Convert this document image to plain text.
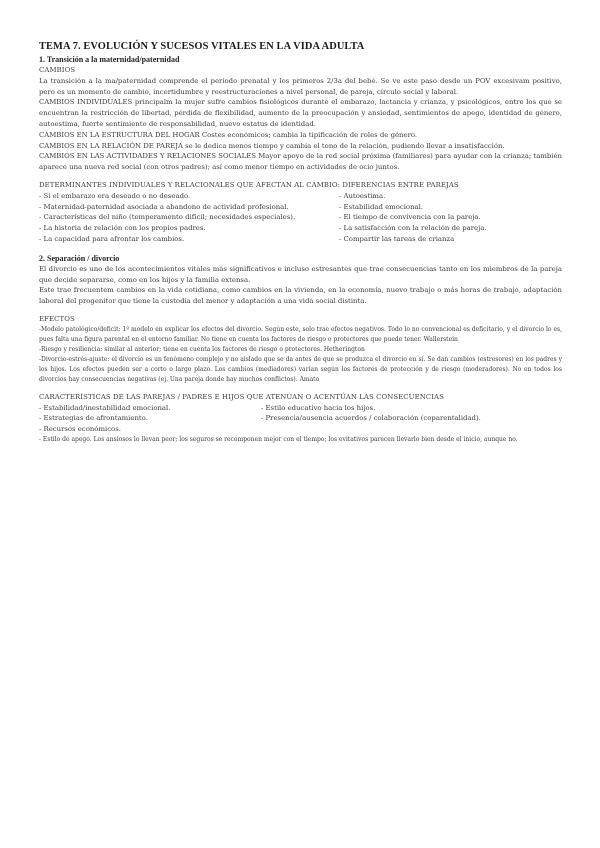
TEMA 7. EVOLUCIÓN Y SUCESOS VITALES EN LA VIDA ADULTA
1. Transición a la maternidad/paternidad

CAMBIOS

La transición a la ma/paternidad comprende el periodo prenatal y los primeros 2/3a del bebé. Se ve este paso desde un POV excesivam positivo, pero es un momento de cambio, incertidumbre y reestructuraciones a nivel personal, de pareja, círculo social y laboral.

CAMBIOS INDIVIDUALES principalm la mujer sufre cambios fisiológicos durante el embarazo, lactancia y crianza, y psicológicos, entre los que se encuentran la restricción de libertad, pérdida de flexibilidad, aumento de la preocupación y ansiedad, sentimientos de apego, identidad de género, autoestima, fuerte sentimiento de responsabilidad, nuevo estatus de identidad.

CAMBIOS EN LA ESTRUCTURA DEL HOGAR Costes económicos; cambia la tipificación de roles de género.

CAMBIOS EN LA RELACIÓN DE PAREJA se le dedica menos tiempo y cambia el tono de la relación, pudiendo llevar a insatisfacción.

CAMBIOS EN LAS ACTIVIDADES Y RELACIONES SOCIALES Mayor apoyo de la red social próxima (familiares) para ayudar con la crianza; también aparece una nueva red social (con otros padres); así como menor tiempo en actividades de ocio juntos.

DETERMINANTES INDIVIDUALES Y RELACIONALES QUE AFECTAN AL CAMBIO: DIFERENCIAS ENTRE PAREJAS

- Si el embarazo era deseado o no deseado.

- Maternidad-paternidad asociada a abandono de actividad profesional.

- Características del niño (temperamento difícil; necesidades especiales).

- La historia de relación con los propios padres.

- La capacidad para afrontar los cambios.

- Autoestima.

- Estabilidad emocional.

- El tiempo de convivencia con la pareja.

- La satisfacción con la relación de pareja.

- Compartir las tareas de crianza

2. Separación / divorcio

El divorcio es uno de los acontecimientos vitales más significativos e incluso estresantes que trae consecuencias tanto en los miembros de la pareja que decide separarse, como en los hijos y la familia extensa.

Este trae frecuentem cambios en la vida cotidiana, como cambios en la vivienda, en la economía, nuevo trabajo o más horas de trabajo, adaptación laboral del progenitor que tiene la custodia del menor y adaptación a una vida social distinta.

EFECTOS

-Modelo patológico/deficit: 1º modelo en explicar los efectos del divorcio. Según este, solo trae efectos negativos. Todo lo no convencional es deficitario, y el divorcio lo es, pues falta una figura parental en el entorno familiar. No tiene en cuenta los factores de riesgo o protectores que puede tener. Wallerstein

-Riesgo y resiliencia: similar al anterior; tiene en cuenta los factores de riesgo o protectores. Hetherington

-Divorcio-estrés-ajuste: el divorcio es un fenómeno complejo y no aislado que se da antes de que se produzca el divorcio en sí. Se dan cambios (estresores) en los padres y los hijos. Los efectos pueden ser a corto o largo plazo. Los cambios (mediadores) varían según los factores de protección y de riesgo (moderadores). No en todos los divorcios hay consecuencias negativas (ej. Una pareja donde hay muchos conflictos). Amato

CARACTERÍSTICAS DE LAS PAREJAS / PADRES E HIJOS QUE ATENÚAN O ACENTÚAN LAS CONSECUENCIAS

- Estabilidad/inestabilidad emocional.

- Estrategias de afrontamiento.

- Recursos económicos.

- Estilo educativo hacia los hijos.

- Presencia/ausencia acuerdos / colaboración (coparentalidad).

- Estilo de apego. Los ansiosos lo llevan peor; los seguros se recomponen mejor con el tiempo; los evitativos parecen llevarlo bien desde el inicio, aunque no.
